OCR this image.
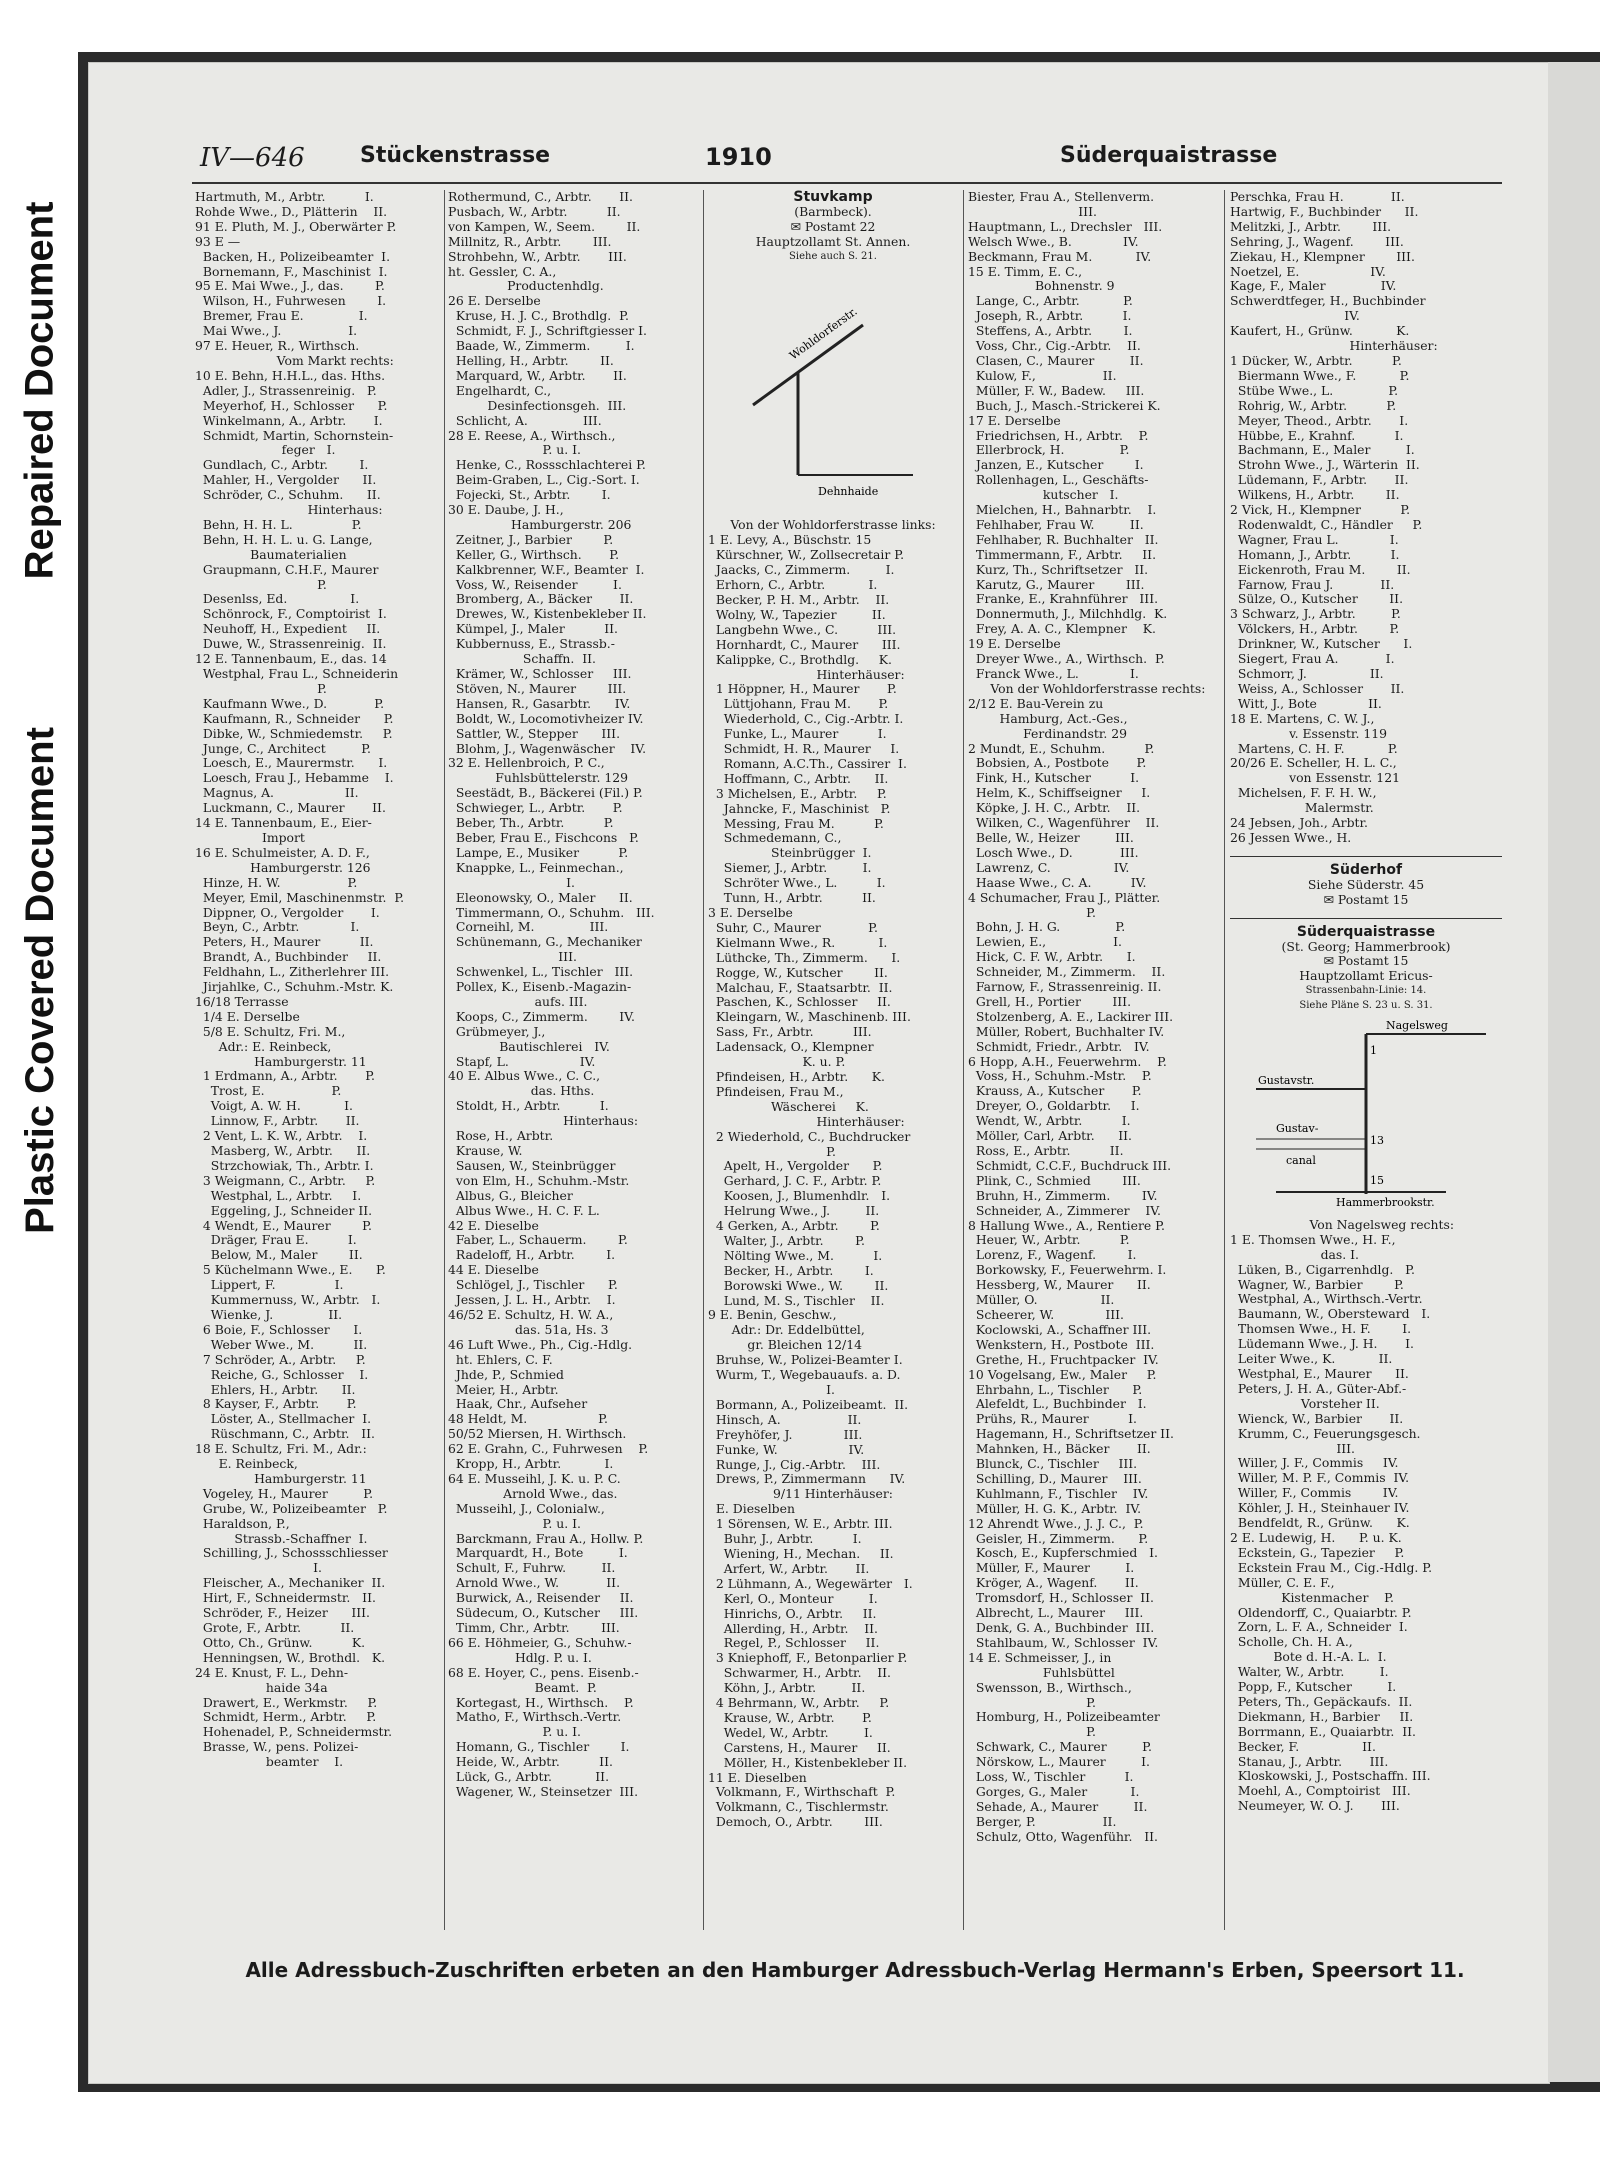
Repaired Document
Plastic Covered Document
IV—646	Stückenstrasse	1910	Süderquaistrasse
Hartmuth, M., Arbtr.          I.
Rohde Wwe., D., Plätterin    II.
91 E. Pluth, M. J., Oberwärter P.
93 E —
Backen, H., Polizeibeamter  I.
Bornemann, F., Maschinist  I.
95 E. Mai Wwe., J., das.        P.
Wilson, H., Fuhrwesen        I.
Bremer, Frau E.              I.
Mai Wwe., J.                 I.
97 E. Heuer, R., Wirthsch.
Vom Markt rechts:
10 E. Behn, H.H.L., das. Hths.
Adler, J., Strassenreinig.   P.
Meyerhof, H., Schlosser      P.
Winkelmann, A., Arbtr.       I.
Schmidt, Martin, Schornstein-
feger   I.
Gundlach, C., Arbtr.        I.
Mahler, H., Vergolder      II.
Schröder, C., Schuhm.      II.
Hinterhaus:
Behn, H. H. L.               P.
Behn, H. H. L. u. G. Lange,
Baumaterialien
Graupmann, C.H.F., Maurer
P.
Desenlss, Ed.                I.
Schönrock, F., Comptoirist  I.
Neuhoff, H., Expedient     II.
Duwe, W., Strassenreinig.  II.
12 E. Tannenbaum, E., das. 14
Westphal, Frau L., Schneiderin
P.
Kaufmann Wwe., D.            P.
Kaufmann, R., Schneider      P.
Dibke, W., Schmiedemstr.     P.
Junge, C., Architect         P.
Loesch, E., Maurermstr.      I.
Loesch, Frau J., Hebamme    I.
Magnus, A.                  II.
Luckmann, C., Maurer       II.
14 E. Tannenbaum, E., Eier-
Import
16 E. Schulmeister, A. D. F.,
Hamburgerstr. 126
Hinze, H. W.                 P.
Meyer, Emil, Maschinenmstr.  P.
Dippner, O., Vergolder       I.
Beyn, C., Arbtr.             I.
Peters, H., Maurer          II.
Brandt, A., Buchbinder     II.
Feldhahn, L., Zitherlehrer III.
Jirjahlke, C., Schuhm.-Mstr. K.
16/18 Terrasse
1/4 E. Derselbe
5/8 E. Schultz, Fri. M.,
Adr.: E. Reinbeck,
Hamburgerstr. 11
1 Erdmann, A., Arbtr.       P.
Trost, E.                 P.
Voigt, A. W. H.           I.
Linnow, F., Arbtr.       II.
2 Vent, L. K. W., Arbtr.    I.
Masberg, W., Arbtr.      II.
Strzchowiak, Th., Arbtr. I.
3 Weigmann, C., Arbtr.     P.
Westphal, L., Arbtr.     I.
Eggeling, J., Schneider II.
4 Wendt, E., Maurer        P.
Dräger, Frau E.          I.
Below, M., Maler        II.
5 Küchelmann Wwe., E.      P.
Lippert, F.               I.
Kummernuss, W., Arbtr.   I.
Wienke, J.              II.
6 Boie, F., Schlosser      I.
Weber Wwe., M.          II.
7 Schröder, A., Arbtr.     P.
Reiche, G., Schlosser    I.
Ehlers, H., Arbtr.      II.
8 Kayser, F., Arbtr.       P.
Löster, A., Stellmacher  I.
Rüschmann, C., Arbtr.   II.
18 E. Schultz, Fri. M., Adr.:
E. Reinbeck,
Hamburgerstr. 11
Vogeley, H., Maurer         P.
Grube, W., Polizeibeamter   P.
Haraldson, P.,
Strassb.-Schaffner  I.
Schilling, J., Schossschliesser
I.
Fleischer, A., Mechaniker  II.
Hirt, F., Schneidermstr.   II.
Schröder, F., Heizer      III.
Grote, F., Arbtr.          II.
Otto, Ch., Grünw.          K.
Henningsen, W., Brothdl.   K.
24 E. Knust, F. L., Dehn-
haide 34a
Drawert, E., Werkmstr.     P.
Schmidt, Herm., Arbtr.     P.
Hohenadel, P., Schneidermstr.
Brasse, W., pens. Polizei-
beamter    I.
Rothermund, C., Arbtr.       II.
Pusbach, W., Arbtr.          II.
von Kampen, W., Seem.        II.
Millnitz, R., Arbtr.        III.
Strohbehn, W., Arbtr.       III.
ht. Gessler, C. A.,
Productenhdlg.
26 E. Derselbe
Kruse, H. J. C., Brothdlg.  P.
Schmidt, F. J., Schriftgiesser I.
Baade, W., Zimmerm.         I.
Helling, H., Arbtr.        II.
Marquard, W., Arbtr.       II.
Engelhardt, C.,
Desinfectionsgeh.  III.
Schlicht, A.              III.
28 E. Reese, A., Wirthsch.,
P. u. I.
Henke, C., Rossschlachterei P.
Beim-Graben, L., Cig.-Sort. I.
Fojecki, St., Arbtr.        I.
30 E. Daube, J. H.,
Hamburgerstr. 206
Zeitner, J., Barbier        P.
Keller, G., Wirthsch.       P.
Kalkbrenner, W.F., Beamter  I.
Voss, W., Reisender         I.
Bromberg, A., Bäcker       II.
Drewes, W., Kistenbekleber II.
Kümpel, J., Maler          II.
Kubbernuss, E., Strassb.-
Schaffn.  II.
Krämer, W., Schlosser     III.
Stöven, N., Maurer        III.
Hansen, R., Gasarbtr.      IV.
Boldt, W., Locomotivheizer IV.
Sattler, W., Stepper      III.
Blohm, J., Wagenwäscher    IV.
32 E. Hellenbroich, P. C.,
Fuhlsbüttelerstr. 129
Seestädt, B., Bäckerei (Fil.) P.
Schwieger, L., Arbtr.       P.
Beber, Th., Arbtr.          P.
Beber, Frau E., Fischcons   P.
Lampe, E., Musiker          P.
Knappke, L., Feinmechan.,
I.
Eleonowsky, O., Maler      II.
Timmermann, O., Schuhm.   III.
Corneihl, M.              III.
Schünemann, G., Mechaniker
III.
Schwenkel, L., Tischler   III.
Pollex, K., Eisenb.-Magazin-
aufs. III.
Koops, C., Zimmerm.        IV.
Grübmeyer, J.,
Bautischlerei   IV.
Stapf, L.                  IV.
40 E. Albus Wwe., C. C.,
das. Hths.
Stoldt, H., Arbtr.          I.
Hinterhaus:
Rose, H., Arbtr.
Krause, W.
Sausen, W., Steinbrügger
von Elm, H., Schuhm.-Mstr.
Albus, G., Bleicher
Albus Wwe., H. C. F. L.
42 E. Dieselbe
Faber, L., Schauerm.        P.
Radeloff, H., Arbtr.        I.
44 E. Dieselbe
Schlögel, J., Tischler      P.
Jessen, J. L. H., Arbtr.    I.
46/52 E. Schultz, H. W. A.,
das. 51a, Hs. 3
46 Luft Wwe., Ph., Cig.-Hdlg.
ht. Ehlers, C. F.
Jhde, P., Schmied
Meier, H., Arbtr.
Haak, Chr., Aufseher
48 Heldt, M.                  P.
50/52 Miersen, H. Wirthsch.
62 E. Grahn, C., Fuhrwesen    P.
Kropp, H., Arbtr.           I.
64 E. Musseihl, J. K. u. P. C.
Arnold Wwe., das.
Musseihl, J., Colonialw.,
P. u. I.
Barckmann, Frau A., Hollw. P.
Marquardt, H., Bote         I.
Schult, F., Fuhrw.         II.
Arnold Wwe., W.            II.
Burwick, A., Reisender     II.
Südecum, O., Kutscher     III.
Timm, Chr., Arbtr.        III.
66 E. Höhmeier, G., Schuhw.-
Hdlg. P. u. I.
68 E. Hoyer, C., pens. Eisenb.-
Beamt.  P.
Kortegast, H., Wirthsch.    P.
Matho, F., Wirthsch.-Vertr.
P. u. I.
Homann, G., Tischler        I.
Heide, W., Arbtr.          II.
Lück, G., Arbtr.           II.
Wagener, W., Steinsetzer  III.
Stuvkamp
(Barmbeck).
✉ Postamt 22
Hauptzollamt St. Annen.
Siehe auch S. 21.
Wohldorferstr.
Dehnhaide
Von der Wohldorferstrasse links:
1 E. Levy, A., Büschstr. 15
Kürschner, W., Zollsecretair P.
Jaacks, C., Zimmerm.         I.
Erhorn, C., Arbtr.           I.
Becker, P. H. M., Arbtr.    II.
Wolny, W., Tapezier         II.
Langbehn Wwe., C.          III.
Hornhardt, C., Maurer      III.
Kalippke, C., Brothdlg.     K.
Hinterhäuser:
1 Höppner, H., Maurer       P.
Lüttjohann, Frau M.       P.
Wiederhold, C., Cig.-Arbtr. I.
Funke, L., Maurer          I.
Schmidt, H. R., Maurer     I.
Romann, A.C.Th., Cassirer  I.
Hoffmann, C., Arbtr.      II.
3 Michelsen, E., Arbtr.     P.
Jahncke, F., Maschinist   P.
Messing, Frau M.          P.
Schmedemann, C.,
Steinbrügger  I.
Siemer, J., Arbtr.         I.
Schröter Wwe., L.          I.
Tunn, H., Arbtr.          II.
3 E. Derselbe
Suhr, C., Maurer            P.
Kielmann Wwe., R.           I.
Lüthcke, Th., Zimmerm.      I.
Rogge, W., Kutscher        II.
Malchau, F., Staatsarbtr.  II.
Paschen, K., Schlosser     II.
Kleingarn, W., Maschinenb. III.
Sass, Fr., Arbtr.          III.
Ladensack, O., Klempner
K. u. P.
Pfindeisen, H., Arbtr.      K.
Pfindeisen, Frau M.,
Wäscherei     K.
Hinterhäuser:
2 Wiederhold, C., Buchdrucker
P.
Apelt, H., Vergolder      P.
Gerhard, J. C. F., Arbtr. P.
Koosen, J., Blumenhdlr.   I.
Helrung Wwe., J.         II.
4 Gerken, A., Arbtr.        P.
Walter, J., Arbtr.        P.
Nölting Wwe., M.          I.
Becker, H., Arbtr.        I.
Borowski Wwe., W.        II.
Lund, M. S., Tischler    II.
9 E. Benin, Geschw.,
Adr.: Dr. Eddelbüttel,
gr. Bleichen 12/14
Bruhse, W., Polizei-Beamter I.
Wurm, T., Wegebauaufs. a. D.
I.
Bormann, A., Polizeibeamt.  II.
Hinsch, A.                 II.
Freyhöfer, J.             III.
Funke, W.                  IV.
Runge, J., Cig.-Arbtr.    III.
Drews, P., Zimmermann      IV.
9/11 Hinterhäuser:
E. Dieselben
1 Sörensen, W. E., Arbtr. III.
Buhr, J., Arbtr.          I.
Wiening, H., Mechan.     II.
Arfert, W., Arbtr.       II.
2 Lühmann, A., Wegewärter   I.
Kerl, O., Monteur         I.
Hinrichs, O., Arbtr.     II.
Allerding, H., Arbtr.    II.
Regel, P., Schlosser     II.
3 Kniephoff, F., Betonparlier P.
Schwarmer, H., Arbtr.    II.
Köhn, J., Arbtr.         II.
4 Behrmann, W., Arbtr.     P.
Krause, W., Arbtr.       P.
Wedel, W., Arbtr.         I.
Carstens, H., Maurer     II.
Möller, H., Kistenbekleber II.
11 E. Dieselben
Volkmann, F., Wirthschaft  P.
Volkmann, C., Tischlermstr.
Democh, O., Arbtr.        III.
Biester, Frau A., Stellenverm.
III.
Hauptmann, L., Drechsler   III.
Welsch Wwe., B.             IV.
Beckmann, Frau M.           IV.
15 E. Timm, E. C.,
Bohnenstr. 9
Lange, C., Arbtr.           P.
Joseph, R., Arbtr.          I.
Steffens, A., Arbtr.        I.
Voss, Chr., Cig.-Arbtr.    II.
Clasen, C., Maurer         II.
Kulow, F.,                 II.
Müller, F. W., Badew.     III.
Buch, J., Masch.-Strickerei K.
17 E. Derselbe
Friedrichsen, H., Arbtr.    P.
Ellerbrock, H.              P.
Janzen, E., Kutscher        I.
Rollenhagen, L., Geschäfts-
kutscher   I.
Mielchen, H., Bahnarbtr.    I.
Fehlhaber, Frau W.         II.
Fehlhaber, R. Buchhalter   II.
Timmermann, F., Arbtr.     II.
Kurz, Th., Schriftsetzer   II.
Karutz, G., Maurer        III.
Franke, E., Krahnführer   III.
Donnermuth, J., Milchhdlg.  K.
Frey, A. A. C., Klempner    K.
19 E. Derselbe
Dreyer Wwe., A., Wirthsch.  P.
Franck Wwe., L.             I.
Von der Wohldorferstrasse rechts:
2/12 E. Bau-Verein zu
Hamburg, Act.-Ges.,
Ferdinandstr. 29
2 Mundt, E., Schuhm.          P.
Bobsien, A., Postbote       P.
Fink, H., Kutscher          I.
Helm, K., Schiffseigner     I.
Köpke, J. H. C., Arbtr.    II.
Wilken, C., Wagenführer    II.
Belle, W., Heizer         III.
Losch Wwe., D.            III.
Lawrenz, C.                IV.
Haase Wwe., C. A.          IV.
4 Schumacher, Frau J., Plätter.
P.
Bohn, J. H. G.              P.
Lewien, E.,                 I.
Hick, C. F. W., Arbtr.      I.
Schneider, M., Zimmerm.    II.
Farnow, F., Strassenreinig. II.
Grell, H., Portier        III.
Stolzenberg, A. E., Lackirer III.
Müller, Robert, Buchhalter IV.
Schmidt, Friedr., Arbtr.   IV.
6 Hopp, A.H., Feuerwehrm.    P.
Voss, H., Schuhm.-Mstr.    P.
Krauss, A., Kutscher       P.
Dreyer, O., Goldarbtr.     I.
Wendt, W., Arbtr.          I.
Möller, Carl, Arbtr.      II.
Ross, E., Arbtr.          II.
Schmidt, C.C.F., Buchdruck III.
Plink, C., Schmied        III.
Bruhn, H., Zimmerm.        IV.
Schneider, A., Zimmerer    IV.
8 Hallung Wwe., A., Rentiere P.
Heuer, W., Arbtr.          P.
Lorenz, F., Wagenf.        I.
Borkowsky, F., Feuerwehrm. I.
Hessberg, W., Maurer      II.
Müller, O.                II.
Scheerer, W.             III.
Koclowski, A., Schaffner III.
Wenkstern, H., Postbote  III.
Grethe, H., Fruchtpacker  IV.
10 Vogelsang, Ew., Maler     P.
Ehrbahn, L., Tischler      P.
Alefeldt, L., Buchbinder   I.
Prühs, R., Maurer          I.
Hagemann, H., Schriftsetzer II.
Mahnken, H., Bäcker       II.
Blunck, C., Tischler     III.
Schilling, D., Maurer    III.
Kuhlmann, F., Tischler    IV.
Müller, H. G. K., Arbtr.  IV.
12 Ahrendt Wwe., J. J. C.,  P.
Geisler, H., Zimmerm.      P.
Kosch, E., Kupferschmied   I.
Müller, F., Maurer         I.
Kröger, A., Wagenf.       II.
Tromsdorf, H., Schlosser  II.
Albrecht, L., Maurer     III.
Denk, G. A., Buchbinder  III.
Stahlbaum, W., Schlosser  IV.
14 E. Schmeisser, J., in
Fuhlsbüttel
Swensson, B., Wirthsch.,
P.
Homburg, H., Polizeibeamter
P.
Schwark, C., Maurer         P.
Nörskow, L., Maurer         I.
Loss, W., Tischler          I.
Gorges, G., Maler           I.
Sehade, A., Maurer         II.
Berger, P.                 II.
Schulz, Otto, Wagenführ.   II.
Perschka, Frau H.            II.
Hartwig, F., Buchbinder      II.
Melitzki, J., Arbtr.        III.
Sehring, J., Wagenf.        III.
Ziekau, H., Klempner        III.
Noetzel, E.                  IV.
Kage, F., Maler              IV.
Schwerdtfeger, H., Buchbinder
IV.
Kaufert, H., Grünw.           K.
Hinterhäuser:
1 Dücker, W., Arbtr.          P.
Biermann Wwe., F.           P.
Stübe Wwe., L.              P.
Rohrig, W., Arbtr.          P.
Meyer, Theod., Arbtr.       I.
Hübbe, E., Krahnf.          I.
Bachmann, E., Maler         I.
Strohn Wwe., J., Wärterin  II.
Lüdemann, F., Arbtr.       II.
Wilkens, H., Arbtr.        II.
2 Vick, H., Klempner          P.
Rodenwaldt, C., Händler     P.
Wagner, Frau L.             I.
Homann, J., Arbtr.          I.
Eickenroth, Frau M.        II.
Farnow, Frau J.            II.
Sülze, O., Kutscher        II.
3 Schwarz, J., Arbtr.         P.
Völckers, H., Arbtr.        P.
Drinkner, W., Kutscher      I.
Siegert, Frau A.            I.
Schmorr, J.                II.
Weiss, A., Schlosser       II.
Witt, J., Bote             II.
18 E. Martens, C. W. J.,
v. Essenstr. 119
Martens, C. H. F.           P.
20/26 E. Scheller, H. L. C.,
von Essenstr. 121
Michelsen, F. F. H. W.,
Malermstr.
24 Jebsen, Joh., Arbtr.
26 Jessen Wwe., H.
Süderhof
Siehe Süderstr. 45
✉ Postamt 15
Süderquaistrasse
(St. Georg; Hammerbrook)
✉ Postamt 15
Hauptzollamt Ericus-
Strassenbahn-Linie: 14.
Siehe Pläne S. 23 u. S. 31.
Nagelsweg
Gustavstr.
Gustav-
canal
Hammerbrookstr.
1
13
15
Von Nagelsweg rechts:
1 E. Thomsen Wwe., H. F.,
das. I.
Lüken, B., Cigarrenhdlg.   P.
Wagner, W., Barbier        P.
Westphal, A., Wirthsch.-Vertr.
Baumann, W., Obersteward   I.
Thomsen Wwe., H. F.        I.
Lüdemann Wwe., J. H.       I.
Leiter Wwe., K.           II.
Westphal, E., Maurer      II.
Peters, J. H. A., Güter-Abf.-
Vorsteher II.
Wienck, W., Barbier       II.
Krumm, C., Feuerungsgesch.
III.
Willer, J. F., Commis     IV.
Willer, M. P. F., Commis  IV.
Willer, F., Commis        IV.
Köhler, J. H., Steinhauer IV.
Bendfeldt, R., Grünw.      K.
2 E. Ludewig, H.      P. u. K.
Eckstein, G., Tapezier     P.
Eckstein Frau M., Cig.-Hdlg. P.
Müller, C. E. F.,
Kistenmacher    P.
Oldendorff, C., Quaiarbtr. P.
Zorn, L. F. A., Schneider  I.
Scholle, Ch. H. A.,
Bote d. H.-A. L.  I.
Walter, W., Arbtr.         I.
Popp, F., Kutscher         I.
Peters, Th., Gepäckaufs.  II.
Diekmann, H., Barbier     II.
Borrmann, E., Quaiarbtr.  II.
Becker, F.                II.
Stanau, J., Arbtr.       III.
Kloskowski, J., Postschaffn. III.
Moehl, A., Comptoirist   III.
Neumeyer, W. O. J.       III.
Alle Adressbuch-Zuschriften erbeten an den Hamburger Adressbuch-Verlag Hermann's Erben, Speersort 11.
